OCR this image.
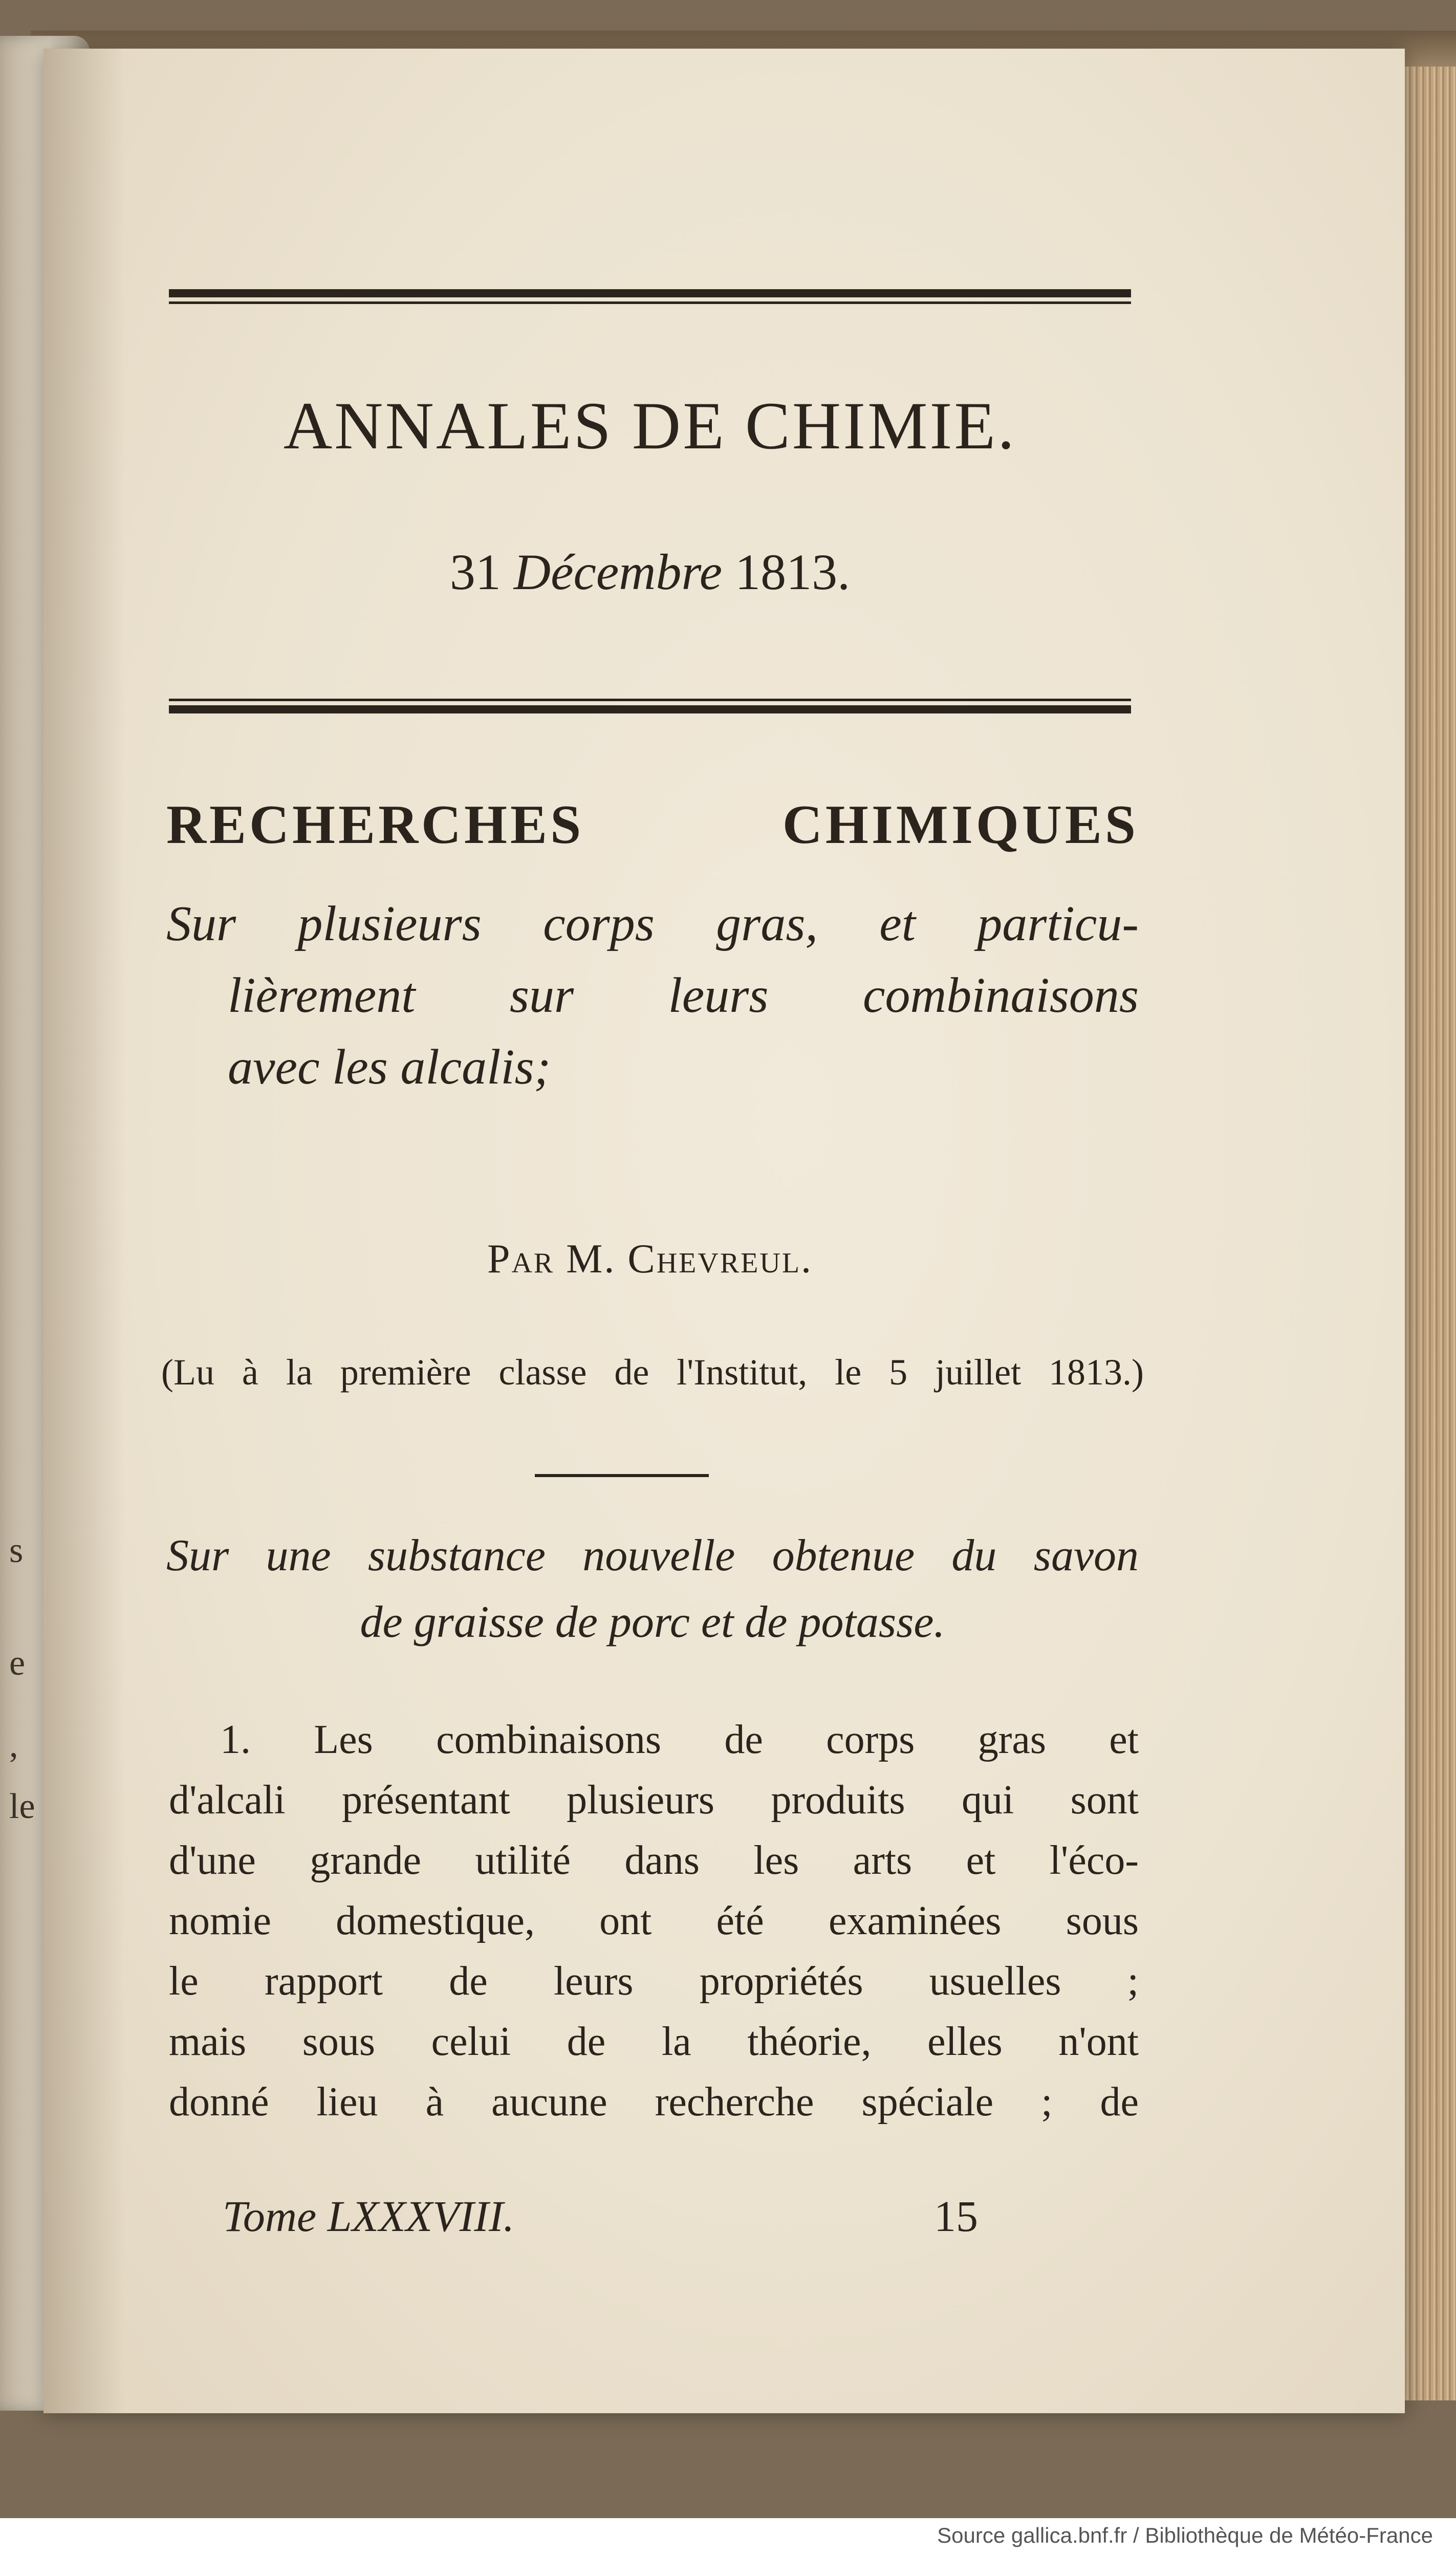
s
e
,
le
ANNALES DE CHIMIE.
31 Décembre 1813.
RECHERCHES CHIMIQUES
Sur plusieurs corps gras, et particu-
lièrement sur leurs combinaisons
avec les alcalis;
Par M. Chevreul.
(Lu à la première classe de l'Institut, le 5 juillet 1813.)
Sur une substance nouvelle obtenue du savon
de graisse de porc et de potasse.
1. Les combinaisons de corps gras et
d'alcali présentant plusieurs produits qui sont
d'une grande utilité dans les arts et l'éco-
nomie domestique, ont été examinées sous
le rapport de leurs propriétés usuelles ;
mais sous celui de la théorie, elles n'ont
donné lieu à aucune recherche spéciale ; de
Tome LXXXVIII.	15
Source gallica.bnf.fr / Bibliothèque de Météo-France
